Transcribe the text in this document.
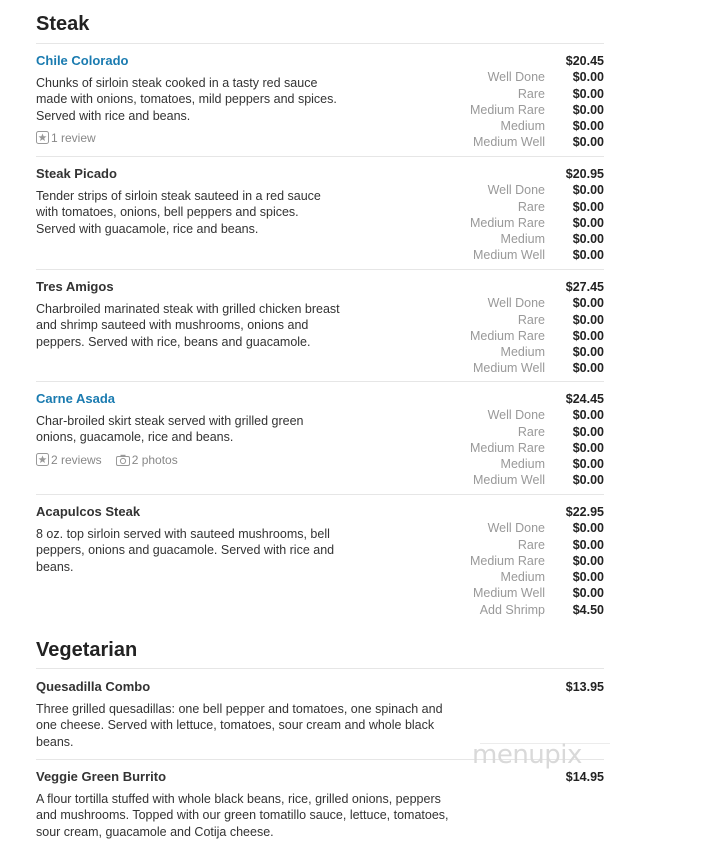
Steak
Chile Colorado
Chunks of sirloin steak cooked in a tasty red sauce made with onions, tomatoes, mild peppers and spices. Served with rice and beans.
1 review
$20.45
Well Done	$0.00
Rare	$0.00
Medium Rare	$0.00
Medium	$0.00
Medium Well	$0.00
Steak Picado
Tender strips of sirloin steak sauteed in a red sauce with tomatoes, onions, bell peppers and spices. Served with guacamole, rice and beans.
$20.95
Well Done	$0.00
Rare	$0.00
Medium Rare	$0.00
Medium	$0.00
Medium Well	$0.00
Tres Amigos
Charbroiled marinated steak with grilled chicken breast and shrimp sauteed with mushrooms, onions and peppers. Served with rice, beans and guacamole.
$27.45
Well Done	$0.00
Rare	$0.00
Medium Rare	$0.00
Medium	$0.00
Medium Well	$0.00
Carne Asada
Char-broiled skirt steak served with grilled green onions, guacamole, rice and beans.
2 reviews	2 photos
$24.45
Well Done	$0.00
Rare	$0.00
Medium Rare	$0.00
Medium	$0.00
Medium Well	$0.00
Acapulcos Steak
8 oz. top sirloin served with sauteed mushrooms, bell peppers, onions and guacamole. Served with rice and beans.
$22.95
Well Done	$0.00
Rare	$0.00
Medium Rare	$0.00
Medium	$0.00
Medium Well	$0.00
Add Shrimp	$4.50
Vegetarian
Quesadilla Combo
Three grilled quesadillas: one bell pepper and tomatoes, one spinach and one cheese. Served with lettuce, tomatoes, sour cream and whole black beans.
$13.95
Veggie Green Burrito
A flour tortilla stuffed with whole black beans, rice, grilled onions, peppers and mushrooms. Topped with our green tomatillo sauce, lettuce, tomatoes, sour cream, guacamole and Cotija cheese.
$14.95
menupix
